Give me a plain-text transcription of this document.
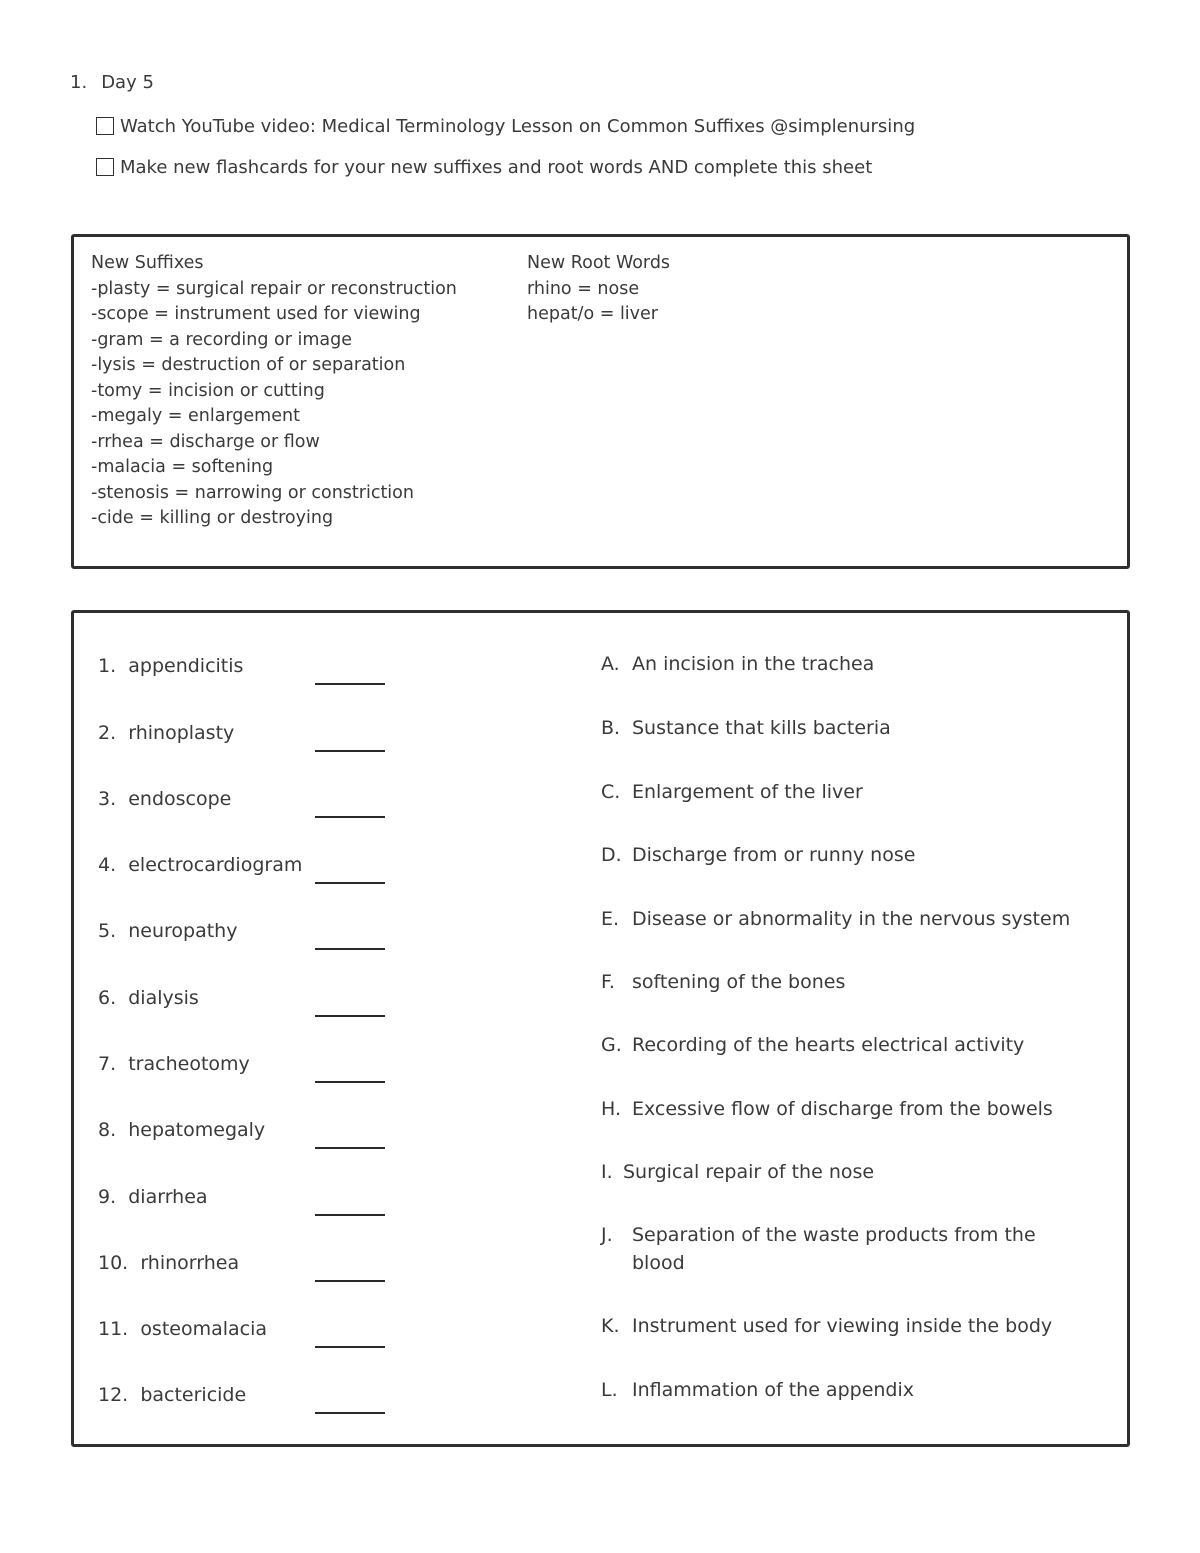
1. Day 5
Watch YouTube video: Medical Terminology Lesson on Common Suffixes @simplenursing
Make new flashcards for your new suffixes and root words AND complete this sheet
New Suffixes
-plasty = surgical repair or reconstruction
-scope = instrument used for viewing
-gram = a recording or image
-lysis = destruction of or separation
-tomy = incision or cutting
-megaly = enlargement
-rrhea = discharge or flow
-malacia = softening
-stenosis = narrowing or constriction
-cide = killing or destroying
New Root Words
rhino = nose
hepat/o = liver
1. appendicitis
2. rhinoplasty
3. endoscope
4. electrocardiogram
5. neuropathy
6. dialysis
7. tracheotomy
8. hepatomegaly
9. diarrhea
10. rhinorrhea
11. osteomalacia
12. bactericide
A. An incision in the trachea
B. Sustance that kills bacteria
C. Enlargement of the liver
D. Discharge from or runny nose
E. Disease or abnormality in the nervous system
F. softening of the bones
G. Recording of the hearts electrical activity
H. Excessive flow of discharge from the bowels
I. Surgical repair of the nose
J. Separation of the waste products from the blood
K. Instrument used for viewing inside the body
L. Inflammation of the appendix
